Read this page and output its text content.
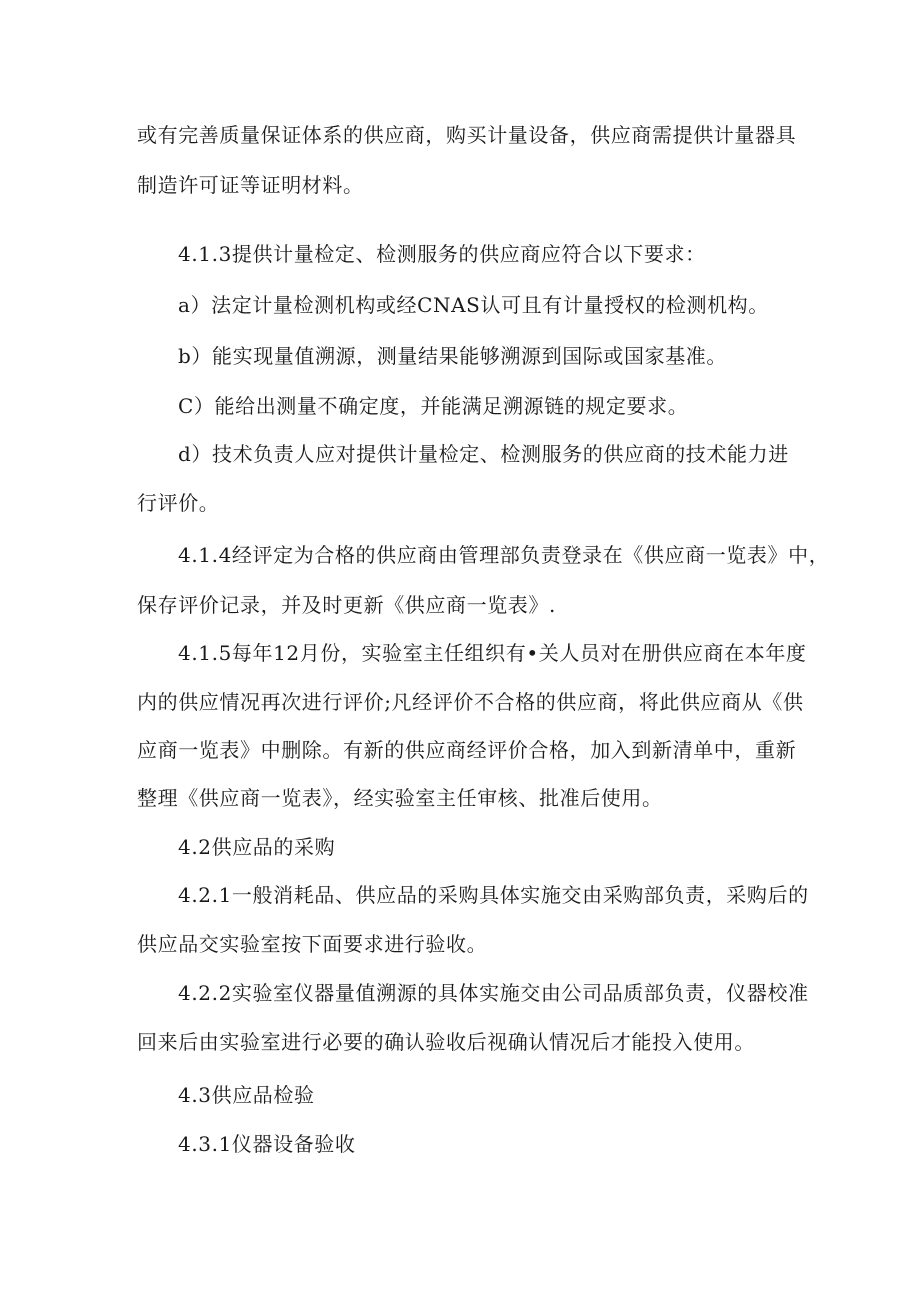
或有完善质量保证体系的供应商，购买计量设备，供应商需提供计量器具
制造许可证等证明材料。
4.1.3提供计量检定、检测服务的供应商应符合以下要求：
a）法定计量检测机构或经CNAS认可且有计量授权的检测机构。
b）能实现量值溯源，测量结果能够溯源到国际或国家基准。
C）能给出测量不确定度，并能满足溯源链的规定要求。
d）技术负责人应对提供计量检定、检测服务的供应商的技术能力进
行评价。
4.1.4经评定为合格的供应商由管理部负责登录在《供应商一览表》中，
保存评价记录，并及时更新《供应商一览表》.
4.1.5每年12月份，实验室主任组织有•关人员对在册供应商在本年度
内的供应情况再次进行评价;凡经评价不合格的供应商，将此供应商从《供
应商一览表》中删除。有新的供应商经评价合格，加入到新清单中，重新
整理《供应商一览表》，经实验室主任审核、批准后使用。
4.2供应品的采购
4.2.1一般消耗品、供应品的采购具体实施交由采购部负责，采购后的
供应品交实验室按下面要求进行验收。
4.2.2实验室仪器量值溯源的具体实施交由公司品质部负责，仪器校准
回来后由实验室进行必要的确认验收后视确认情况后才能投入使用。
4.3供应品检验
4.3.1仪器设备验收
